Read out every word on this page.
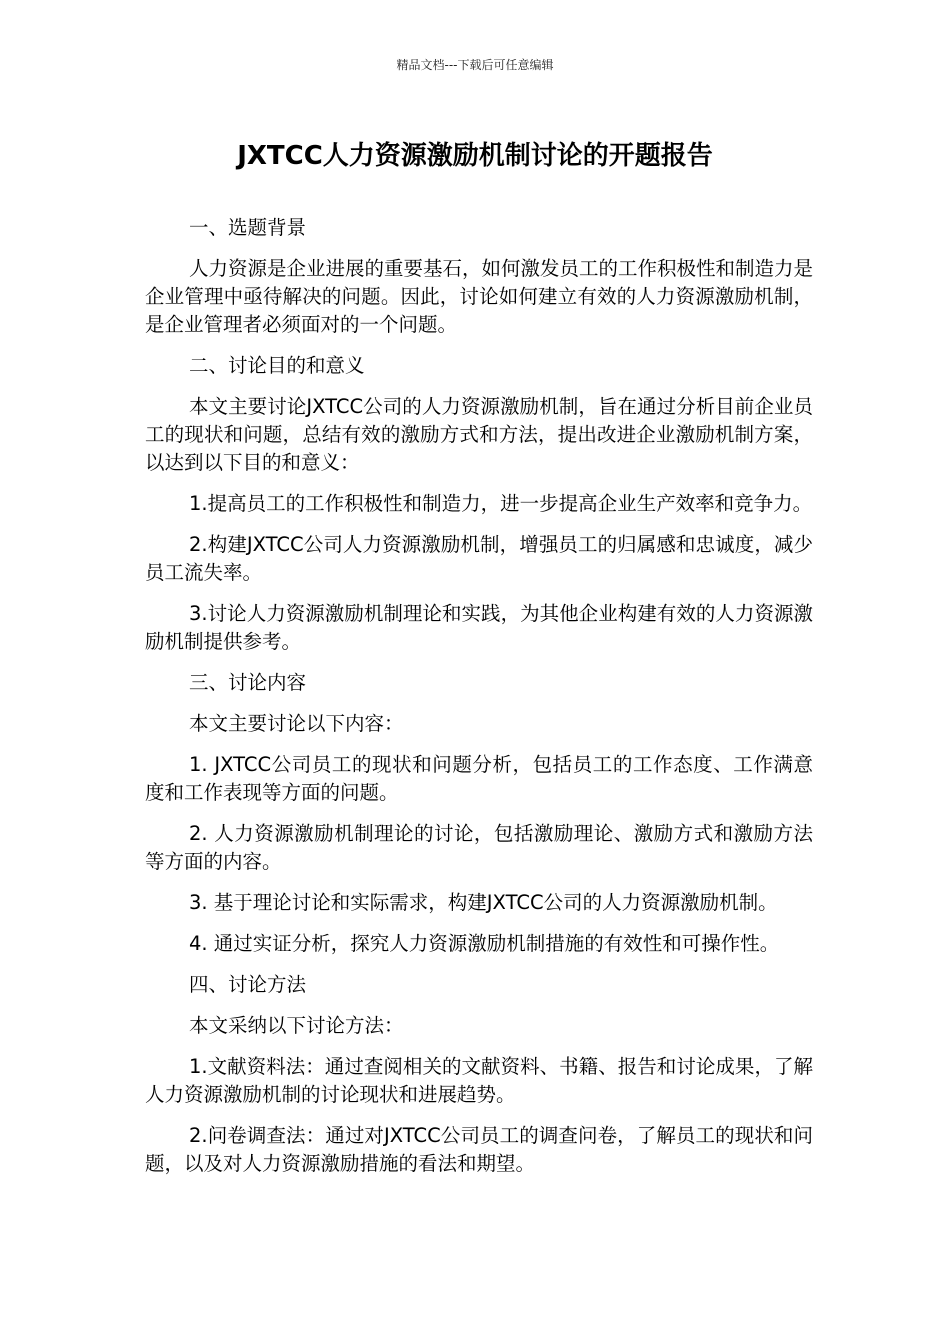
精品文档---下载后可任意编辑
JXTCC人力资源激励机制讨论的开题报告

一、选题背景

人力资源是企业进展的重要基石，如何激发员工的工作积极性和制造力是企业管理中亟待解决的问题。因此，讨论如何建立有效的人力资源激励机制，是企业管理者必须面对的一个问题。

二、讨论目的和意义

本文主要讨论JXTCC公司的人力资源激励机制，旨在通过分析目前企业员工的现状和问题，总结有效的激励方式和方法，提出改进企业激励机制方案，以达到以下目的和意义：

1.提高员工的工作积极性和制造力，进一步提高企业生产效率和竞争力。

2.构建JXTCC公司人力资源激励机制，增强员工的归属感和忠诚度，减少员工流失率。

3.讨论人力资源激励机制理论和实践，为其他企业构建有效的人力资源激励机制提供参考。

三、讨论内容

本文主要讨论以下内容：

1. JXTCC公司员工的现状和问题分析，包括员工的工作态度、工作满意度和工作表现等方面的问题。

2. 人力资源激励机制理论的讨论，包括激励理论、激励方式和激励方法等方面的内容。

3. 基于理论讨论和实际需求，构建JXTCC公司的人力资源激励机制。

4. 通过实证分析，探究人力资源激励机制措施的有效性和可操作性。

四、讨论方法

本文采纳以下讨论方法：

1.文献资料法：通过查阅相关的文献资料、书籍、报告和讨论成果，了解人力资源激励机制的讨论现状和进展趋势。

2.问卷调查法：通过对JXTCC公司员工的调查问卷，了解员工的现状和问题，以及对人力资源激励措施的看法和期望。
